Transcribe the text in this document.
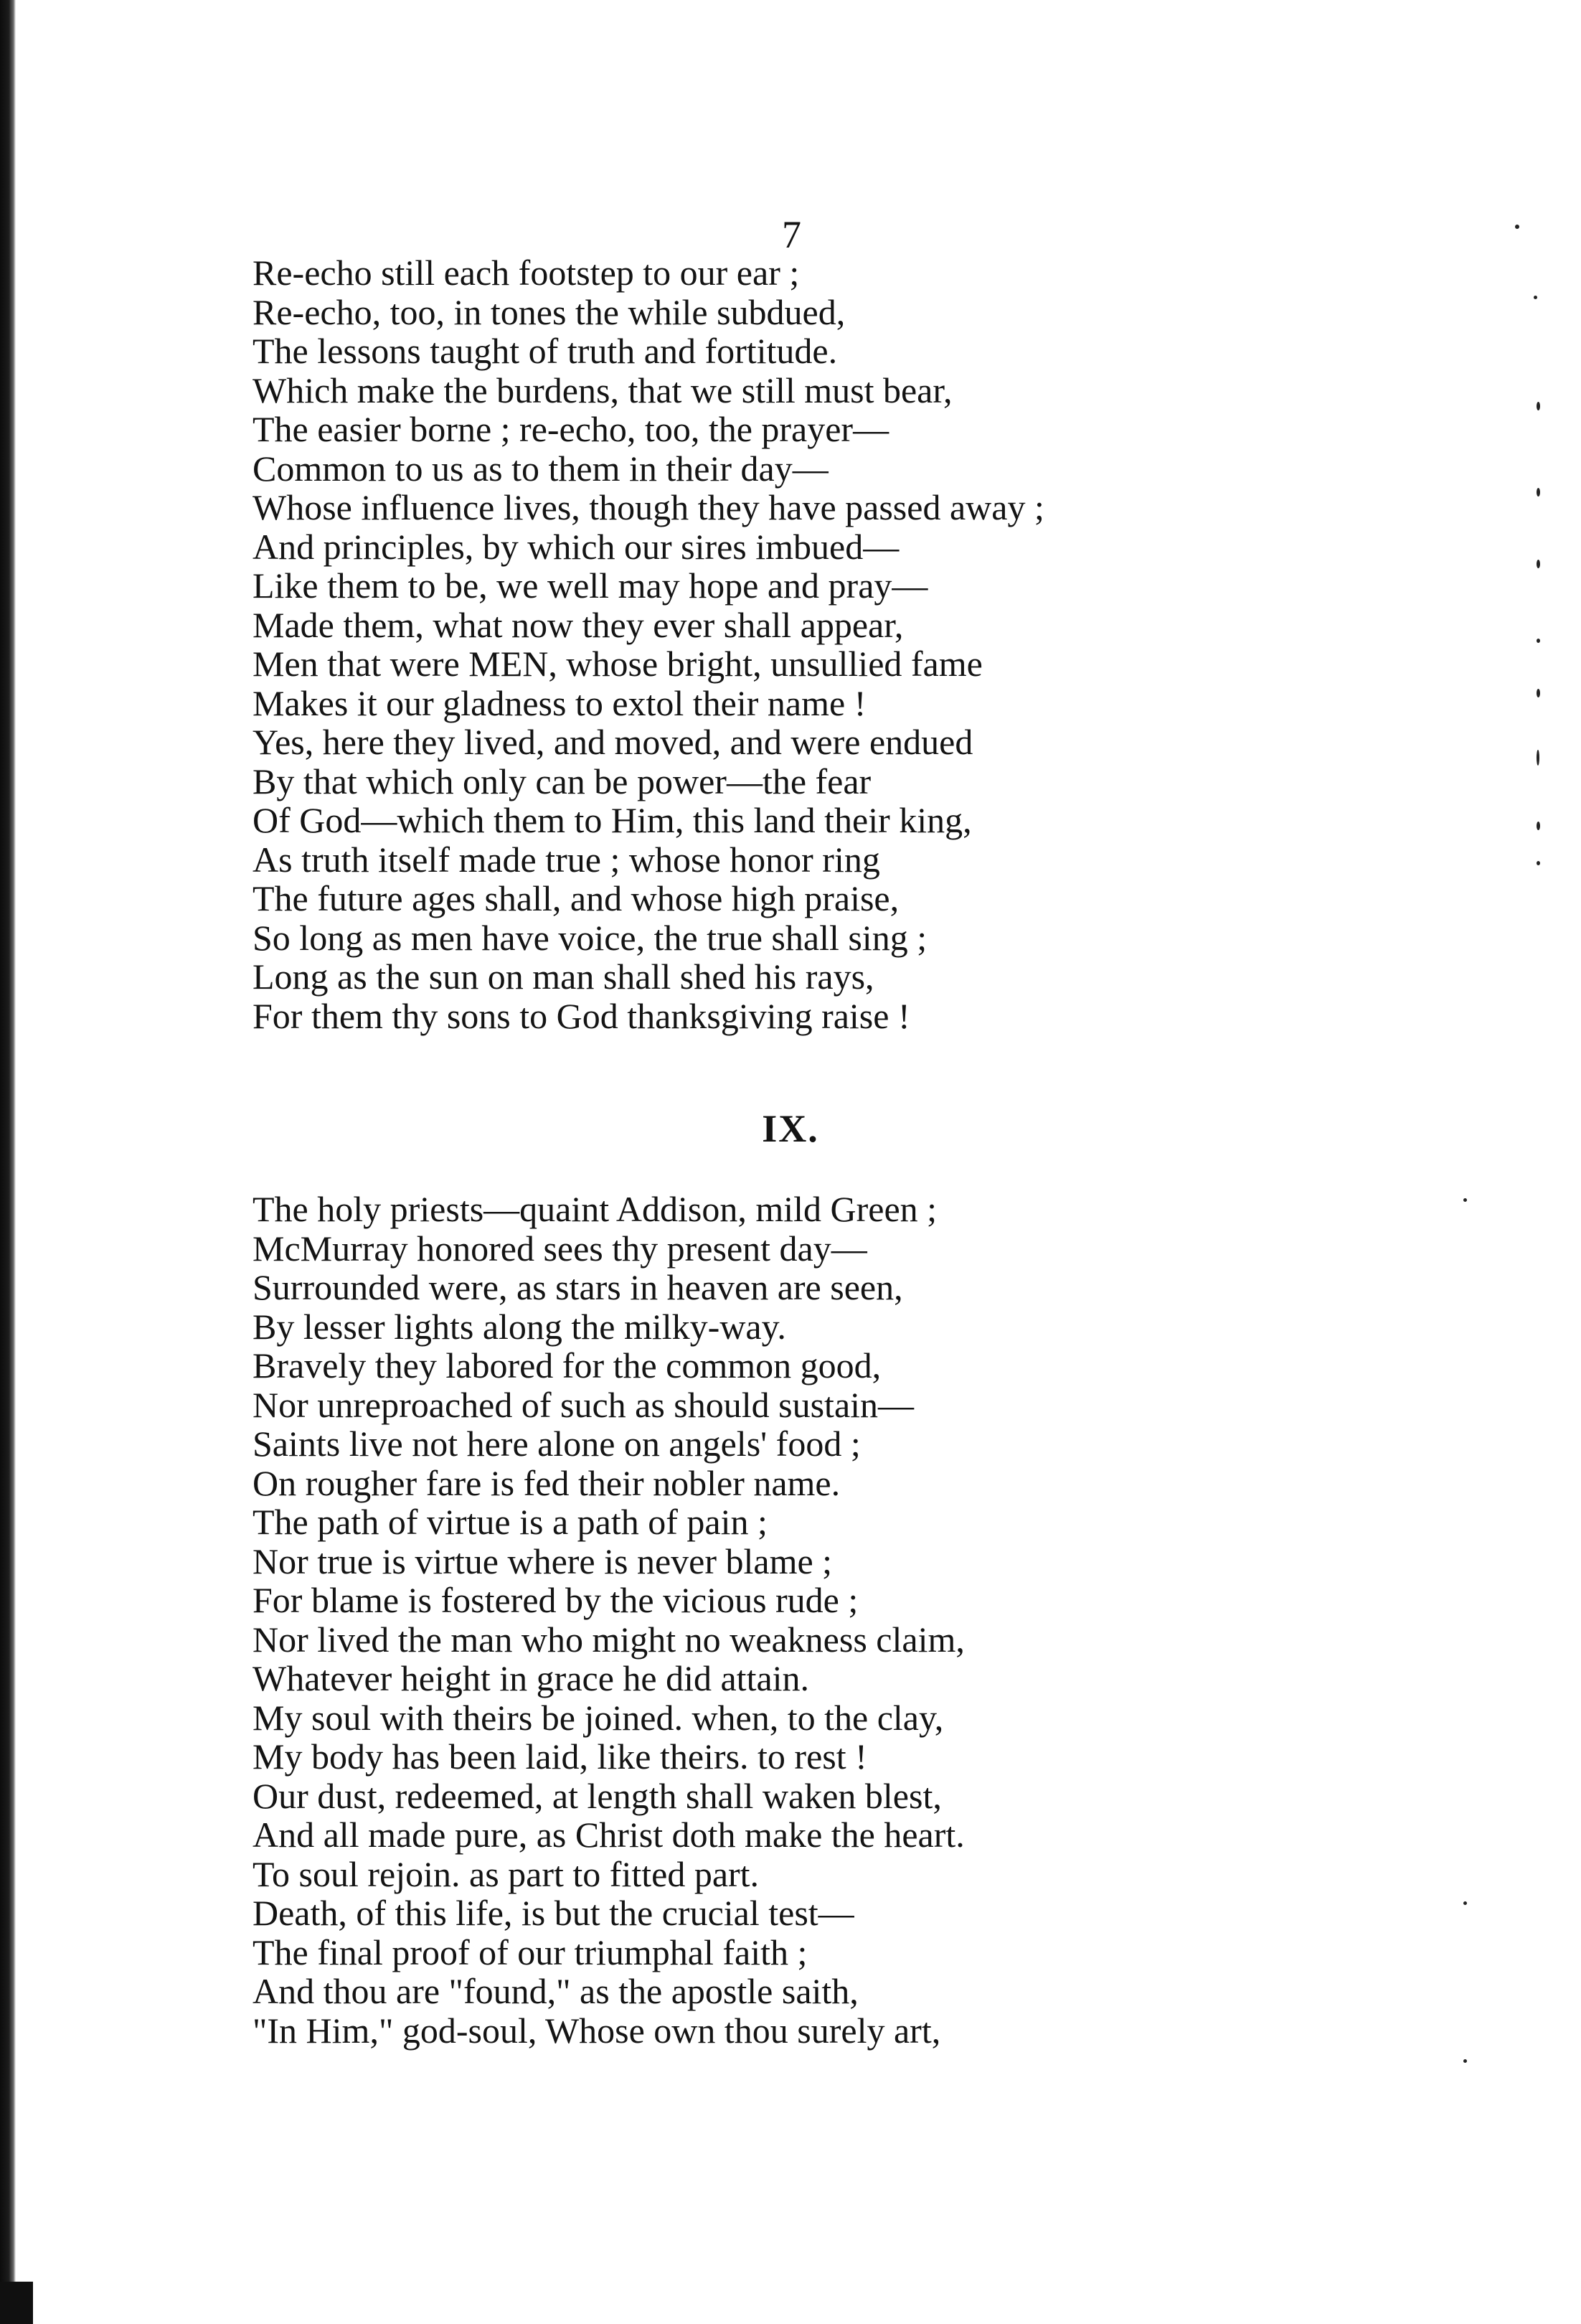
7
Re-echo still each footstep to our ear ;
Re-echo, too, in tones the while subdued,
The lessons taught of truth and fortitude.
Which make the burdens, that we still must bear,
The easier borne ; re-echo, too, the prayer—
Common to us as to them in their day—
Whose influence lives, though they have passed away ;
And principles, by which our sires imbued—
Like them to be, we well may hope and pray—
Made them, what now they ever shall appear,
Men that were MEN, whose bright, unsullied fame
Makes it our gladness to extol their name !
Yes, here they lived, and moved, and were endued
By that which only can be power—the fear
Of God—which them to Him, this land their king,
As truth itself made true ; whose honor ring
The future ages shall, and whose high praise,
So long as men have voice, the true shall sing ;
Long as the sun on man shall shed his rays,
For them thy sons to God thanksgiving raise !
IX.
The holy priests—quaint Addison, mild Green ;
McMurray honored sees thy present day—
Surrounded were, as stars in heaven are seen,
By lesser lights along the milky-way.
Bravely they labored for the common good,
Nor unreproached of such as should sustain—
Saints live not here alone on angels' food ;
On rougher fare is fed their nobler name.
The path of virtue is a path of pain ;
Nor true is virtue where is never blame ;
For blame is fostered by the vicious rude ;
Nor lived the man who might no weakness claim,
Whatever height in grace he did attain.
My soul with theirs be joined. when, to the clay,
My body has been laid, like theirs. to rest !
Our dust, redeemed, at length shall waken blest,
And all made pure, as Christ doth make the heart.
To soul rejoin. as part to fitted part.
Death, of this life, is but the crucial test—
The final proof of our triumphal faith ;
And thou are "found," as the apostle saith,
"In Him," god-soul, Whose own thou surely art,
